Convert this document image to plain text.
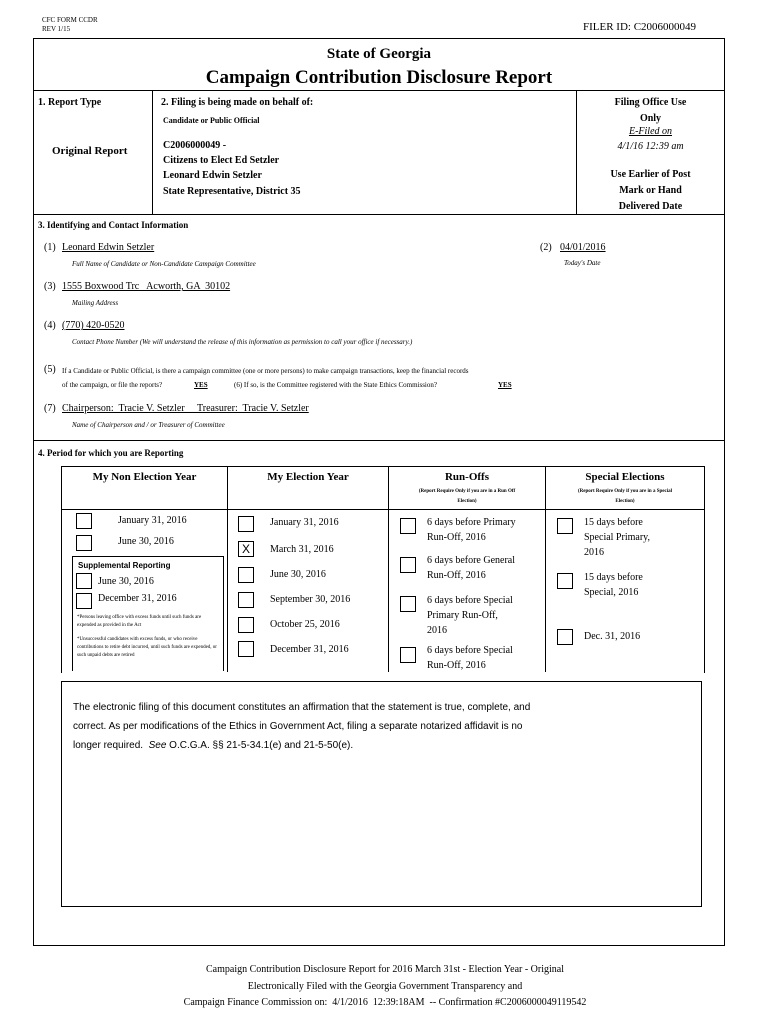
CFC FORM CCDR
REV 1/15	FILER ID: C2006000049
State of Georgia
Campaign Contribution Disclosure Report
1. Report Type
Original Report
2. Filing is being made on behalf of:
Candidate or Public Official
C2006000049 -
Citizens to Elect Ed Setzler
Leonard Edwin Setzler
State Representative, District 35
Filing Office Use
Only
E-Filed on
4/1/16 12:39 am
Use Earlier of Post
Mark or Hand
Delivered Date
3. Identifying and Contact Information
(1) Leonard Edwin Setzler
Full Name of Candidate or Non-Candidate Campaign Committee
(2) 04/01/2016
Today's Date
(3) 1555 Boxwood Trc   Acworth, GA  30102
Mailing Address
(4) (770) 420-0520
Contact Phone Number (We will understand the release of this information as permission to call your office if necessary.)
(5) If a Candidate or Public Official, is there a campaign committee (one or more persons) to make campaign transactions, keep the financial records
of the campaign, or file the reports?	YES	(6) If so, is the Committee registered with the State Ethics Commission?	YES
(7) Chairperson:  Tracie V. Setzler     Treasurer:  Tracie V. Setzler
Name of Chairperson and / or Treasurer of Committee
4. Period for which you are Reporting
My Non Election Year
January 31, 2016
June 30, 2016
Supplemental Reporting
June 30, 2016
December 31, 2016
*Persons leaving office with excess funds until such funds are expended as provided in the Act
*Unsuccessful candidates with excess funds, or who receive contributions to retire debt incurred, until such funds are expended, or such unpaid debts are retired
My Election Year
January 31, 2016
X	March 31, 2016
June 30, 2016
September 30, 2016
October 25, 2016
December 31, 2016
Run-Offs
(Report Require Only if you are in a Run Off
Election)
6 days before Primary
Run-Off, 2016
6 days before General
Run-Off, 2016
6 days before Special
Primary Run-Off,
2016
6 days before Special
Run-Off, 2016
Special Elections
(Report Require Only if you are in a Special
Election)
15 days before
Special Primary,
2016
15 days before
Special, 2016
Dec. 31, 2016
The electronic filing of this document constitutes an affirmation that the statement is true, complete, and
correct. As per modifications of the Ethics in Government Act, filing a separate notarized affidavit is no
longer required.  See O.C.G.A. §§ 21-5-34.1(e) and 21-5-50(e).
Campaign Contribution Disclosure Report for 2016 March 31st - Election Year - Original
Electronically Filed with the Georgia Government Transparency and
Campaign Finance Commission on:  4/1/2016  12:39:18AM  -- Confirmation #C2006000049119542
